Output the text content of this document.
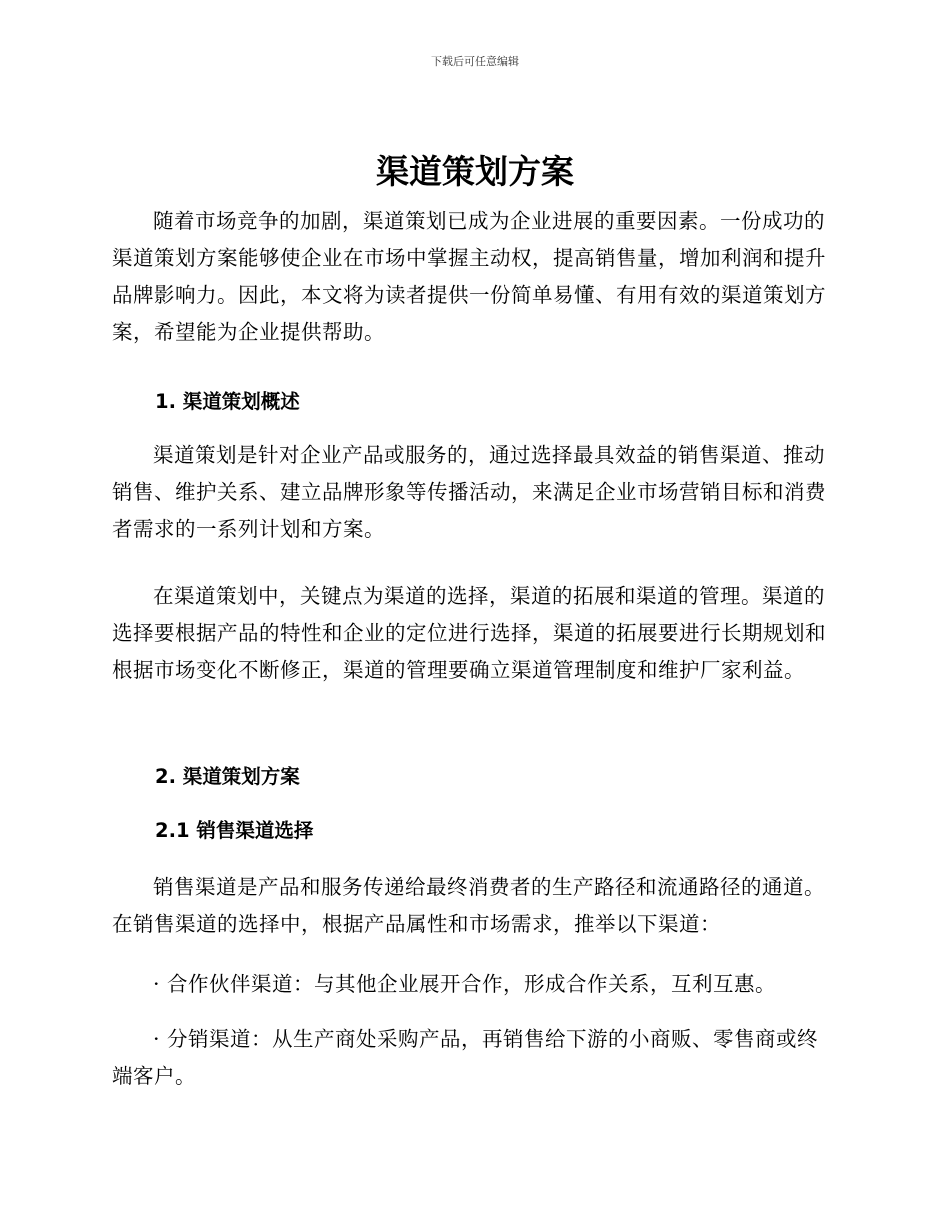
下载后可任意编辑
渠道策划方案

随着市场竞争的加剧，渠道策划已成为企业进展的重要因素。一份成功的渠道策划方案能够使企业在市场中掌握主动权，提高销售量，增加利润和提升品牌影响力。因此，本文将为读者提供一份简单易懂、有用有效的渠道策划方案，希望能为企业提供帮助。

1. 渠道策划概述

渠道策划是针对企业产品或服务的，通过选择最具效益的销售渠道、推动销售、维护关系、建立品牌形象等传播活动，来满足企业市场营销目标和消费者需求的一系列计划和方案。

在渠道策划中，关键点为渠道的选择，渠道的拓展和渠道的管理。渠道的选择要根据产品的特性和企业的定位进行选择，渠道的拓展要进行长期规划和根据市场变化不断修正，渠道的管理要确立渠道管理制度和维护厂家利益。

2. 渠道策划方案
2.1 销售渠道选择

销售渠道是产品和服务传递给最终消费者的生产路径和流通路径的通道。在销售渠道的选择中，根据产品属性和市场需求，推举以下渠道：

· 合作伙伴渠道：与其他企业展开合作，形成合作关系，互利互惠。

· 分销渠道：从生产商处采购产品，再销售给下游的小商贩、零售商或终端客户。
